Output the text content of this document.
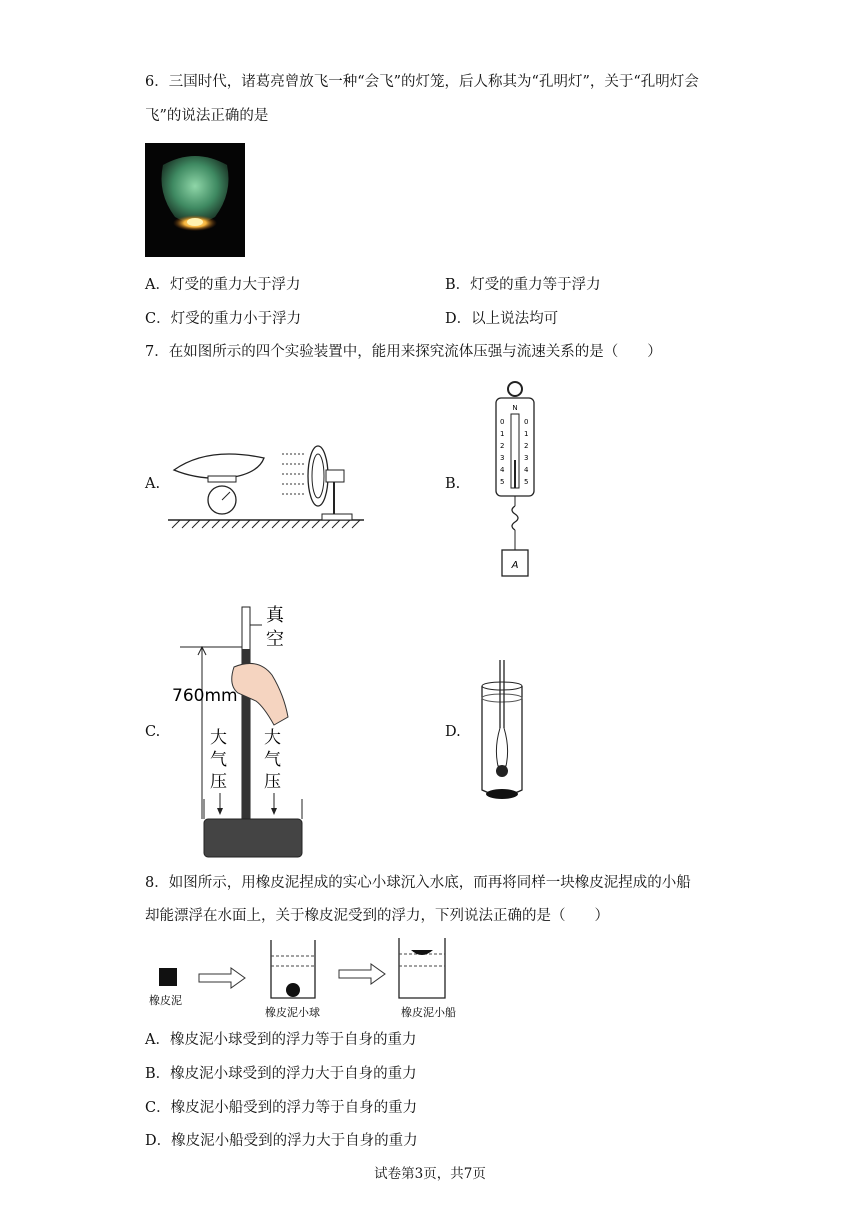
6．三国时代，诸葛亮曾放飞一种“会飞”的灯笼，后人称其为“孔明灯”，关于“孔明灯会
飞”的说法正确的是
A．灯受的重力大于浮力	B．灯受的重力等于浮力
C．灯受的重力小于浮力	D．以上说法均可
7．在如图所示的四个实验装置中，能用来探究流体压强与流速关系的是（　　）
A.	B.
N
0
1
2
3
4
5
0
1
2
3
4
5
A
C.
真
空
760mm
大
气
压
大
气
压
D.
8．如图所示，用橡皮泥捏成的实心小球沉入水底，而再将同样一块橡皮泥捏成的小船
却能漂浮在水面上，关于橡皮泥受到的浮力，下列说法正确的是（　　）
橡皮泥
橡皮泥小球	橡皮泥小船
A．橡皮泥小球受到的浮力等于自身的重力
B．橡皮泥小球受到的浮力大于自身的重力
C．橡皮泥小船受到的浮力等于自身的重力
D．橡皮泥小船受到的浮力大于自身的重力
试卷第3页，共7页
